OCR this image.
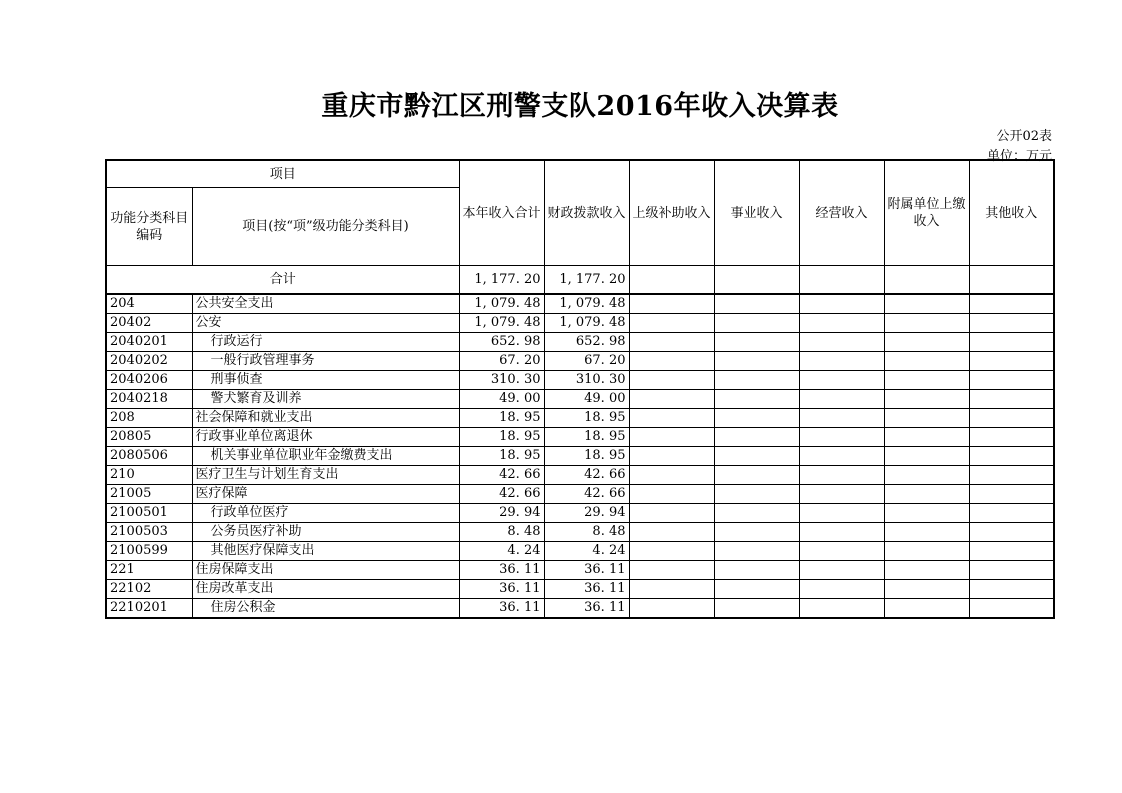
重庆市黔江区刑警支队2016年收入决算表
公开02表
单位：万元
项目		本年收入合计	财政拨款收入	上级补助收入	事业收入	经营收入	附属单位上缴收入	其他收入
功能分类科目编码	项目(按“项”级功能分类科目)							
合计		1, 177. 20	1, 177. 20					
204	公共安全支出	1, 079. 48	1, 079. 48					
20402	公安	1, 079. 48	1, 079. 48					
2040201	行政运行	652. 98	652. 98					
2040202	一般行政管理事务	67. 20	67. 20					
2040206	刑事侦查	310. 30	310. 30					
2040218	警犬繁育及训养	49. 00	49. 00					
208	社会保障和就业支出	18. 95	18. 95					
20805	行政事业单位离退休	18. 95	18. 95					
2080506	机关事业单位职业年金缴费支出	18. 95	18. 95					
210	医疗卫生与计划生育支出	42. 66	42. 66					
21005	医疗保障	42. 66	42. 66					
2100501	行政单位医疗	29. 94	29. 94					
2100503	公务员医疗补助	8. 48	8. 48					
2100599	其他医疗保障支出	4. 24	4. 24					
221	住房保障支出	36. 11	36. 11					
22102	住房改革支出	36. 11	36. 11					
2210201	住房公积金	36. 11	36. 11					
